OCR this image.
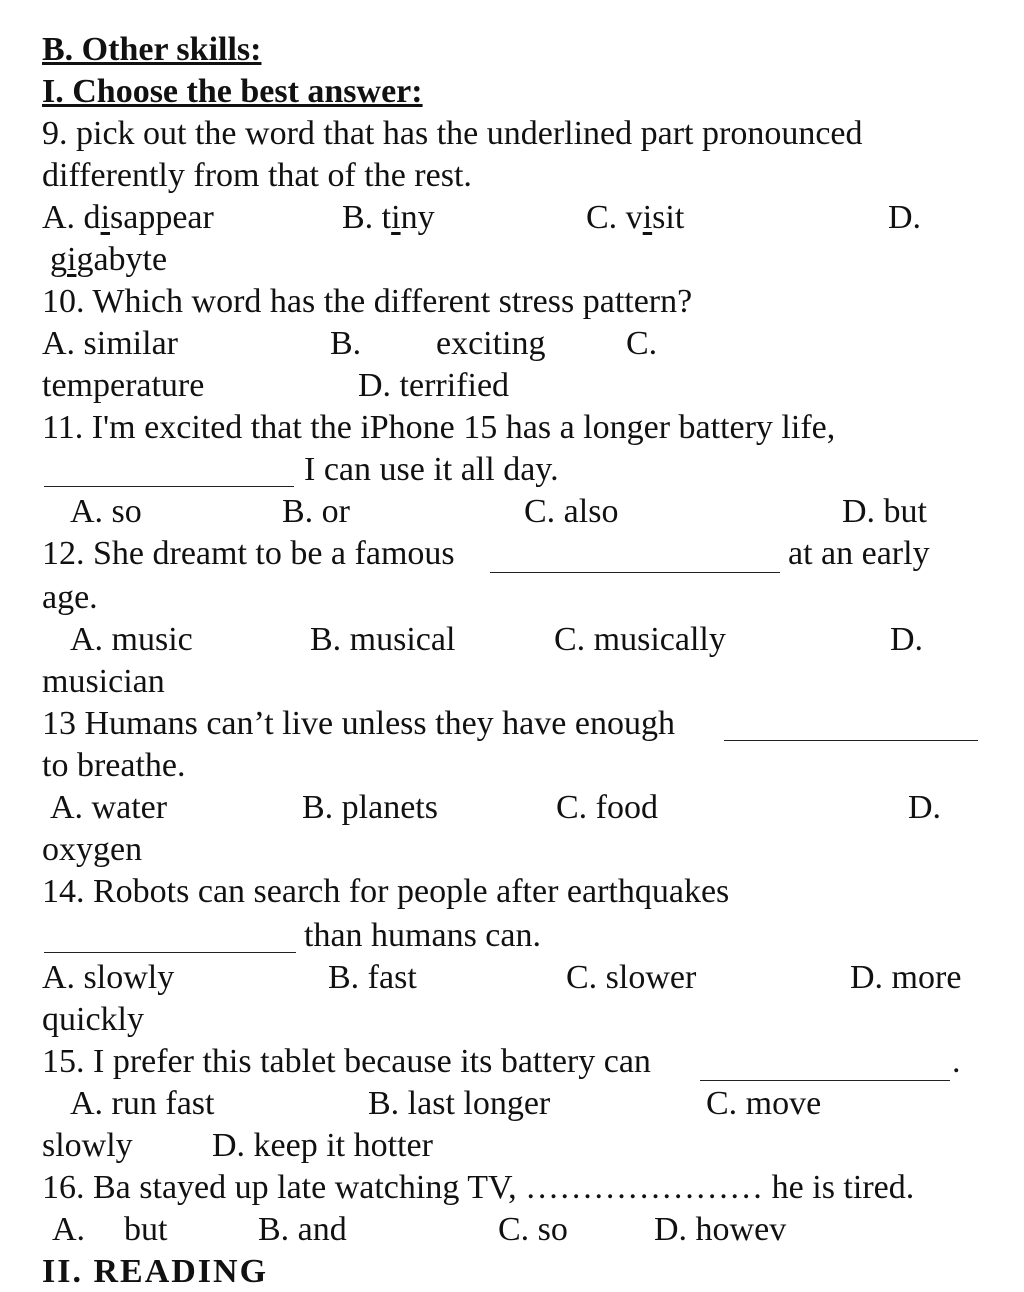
B. Other skills:
I. Choose the best answer:
9. pick out the word that has the underlined part pronounced
differently from that of the rest.
A. disappear	B. tiny	C. visit	D.
gigabyte
10. Which word has the different stress pattern?
A. similar	B. exciting C.
temperature	D. terrified
11. I'm excited that the iPhone 15 has a longer battery life,
I can use it all day.
A. so	B. or	C. also	D. but
12. She dreamt to be a famous	at an early
age.
A. music	B. musical	C. musically	D.
musician
13 Humans can’t live unless they have enough
to breathe.
A. water	B. planets	C. food	D.
oxygen
14. Robots can search for people after earthquakes
than humans can.
A. slowly	B. fast	C. slower	D. more
quickly
15. I prefer this tablet because its battery can	.
A. run fast	B. last longer	C. move
slowly D. keep it hotter
16. Ba stayed up late watching TV, ………………… he is tired.
A. but	B. and	C. so	D. howev
II. READING
